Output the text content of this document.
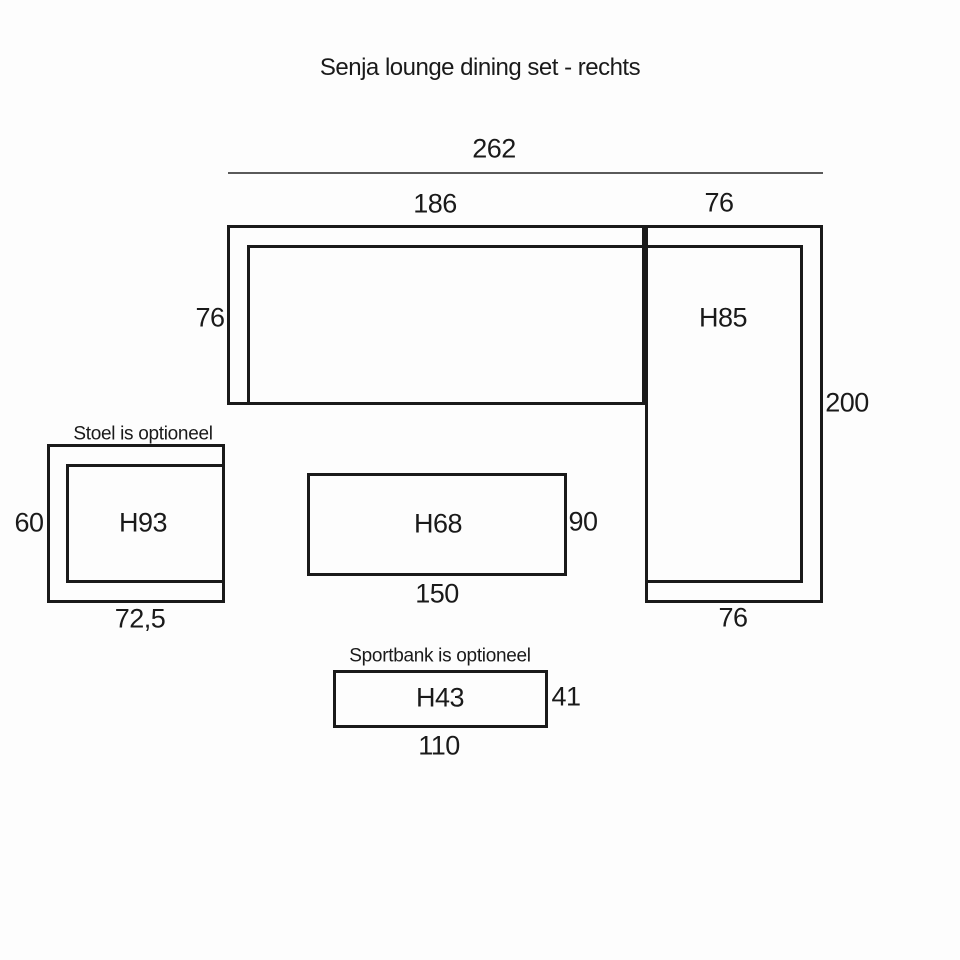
Senja lounge dining set - rechts
262
186	76
76	H85
200
76
Stoel is optioneel
60	H93
72,5
H68	90
150
Sportbank is optioneel
H43	41
110
